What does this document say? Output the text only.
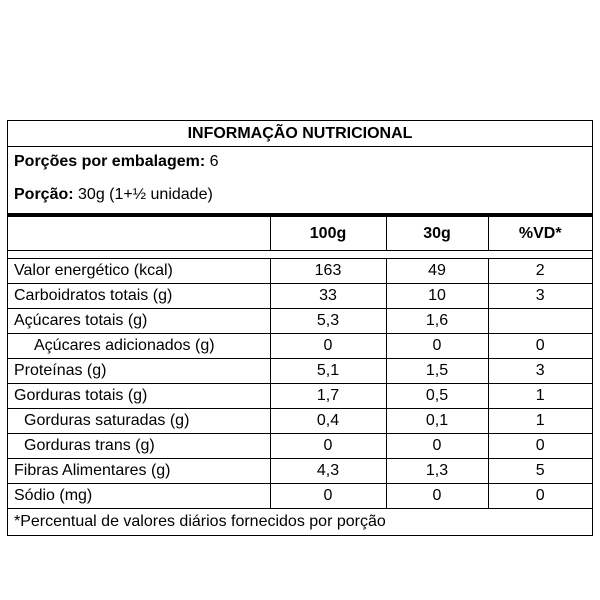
INFORMAÇÃO NUTRICIONAL
Porções por embalagem: 6
Porção: 30g (1+½ unidade)
	100g	30g	%VD*

Valor energético (kcal)	163	49	2
Carboidratos totais (g)	33	10	3
Açúcares totais (g)	5,3	1,6	
Açúcares adicionados (g)	0	0	0
Proteínas (g)	5,1	1,5	3
Gorduras totais (g)	1,7	0,5	1
Gorduras saturadas (g)	0,4	0,1	1
Gorduras trans (g)	0	0	0
Fibras Alimentares (g)	4,3	1,3	5
Sódio (mg)	0	0	0
*Percentual de valores diários fornecidos por porção
